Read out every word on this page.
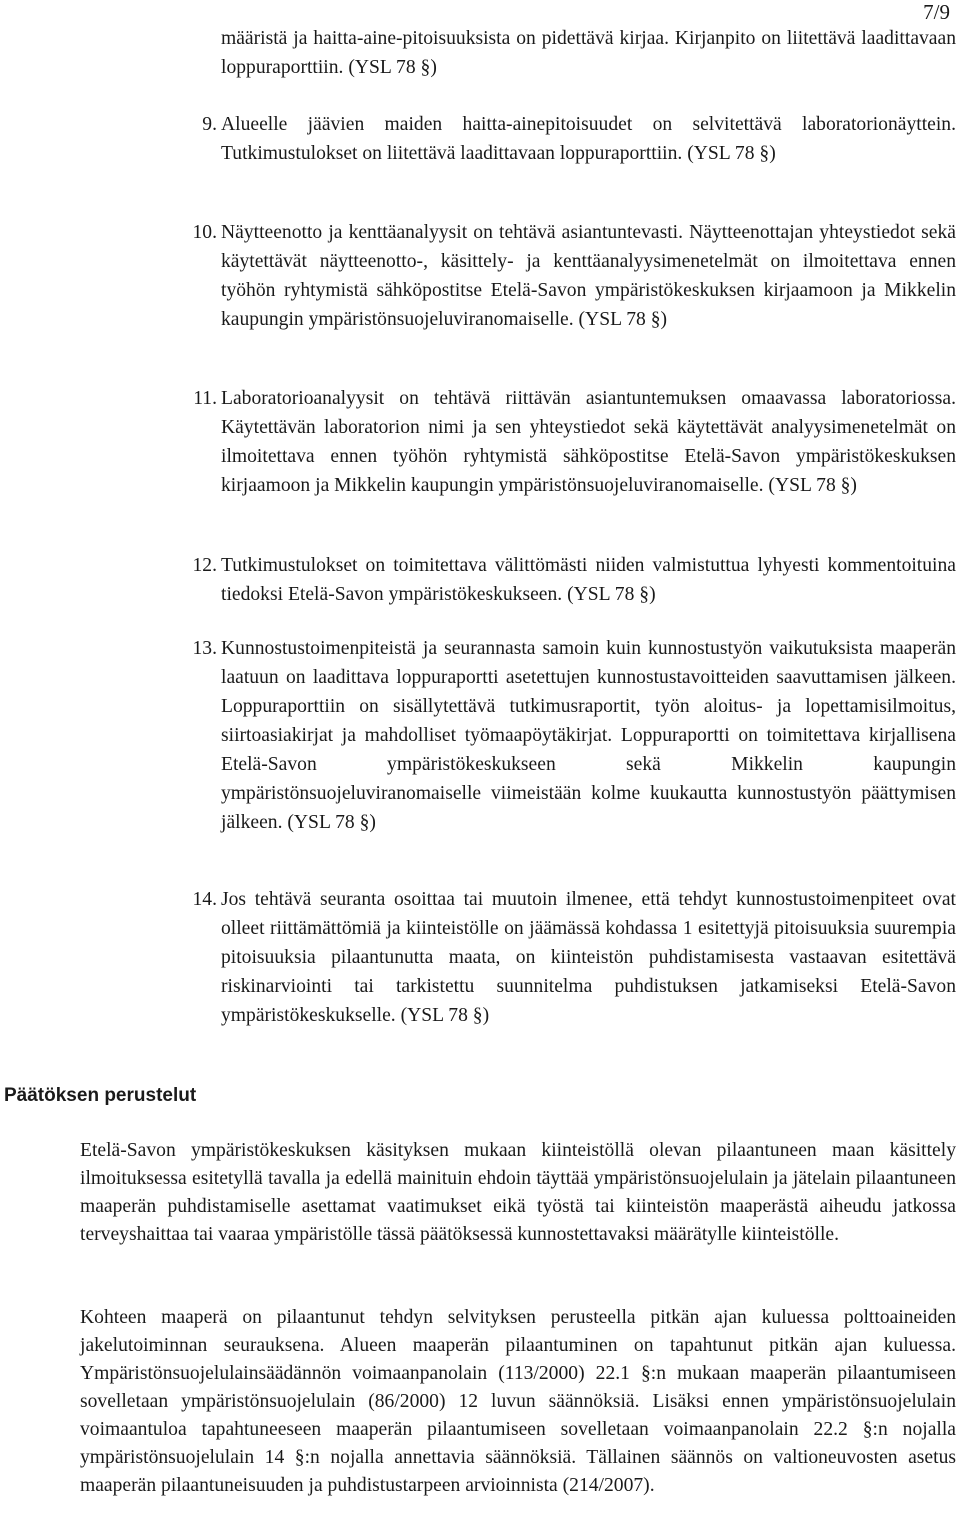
7/9
määristä ja haitta-aine-pitoisuuksista on pidettävä kirjaa. Kirjanpito on liitettävä laadittavaan loppuraporttiin. (YSL 78 §)
9. Alueelle jäävien maiden haitta-ainepitoisuudet on selvitettävä laboratorionäyttein. Tutkimustulokset on liitettävä laadittavaan loppuraporttiin. (YSL 78 §)
10. Näytteenotto ja kenttäanalyysit on tehtävä asiantuntevasti. Näytteenottajan yhteystiedot sekä käytettävät näytteenotto-, käsittely- ja kenttäanalyysimenetelmät on ilmoitettava ennen työhön ryhtymistä sähköpostitse Etelä-Savon ympäristökeskuksen kirjaamoon ja Mikkelin kaupungin ympäristönsuojeluviranomaiselle. (YSL 78 §)
11. Laboratorioanalyysit on tehtävä riittävän asiantuntemuksen omaavassa laboratoriossa. Käytettävän laboratorion nimi ja sen yhteystiedot sekä käytettävät analyysimenetelmät on ilmoitettava ennen työhön ryhtymistä sähköpostitse Etelä-Savon ympäristökeskuksen kirjaamoon ja Mikkelin kaupungin ympäristönsuojeluviranomaiselle. (YSL 78 §)
12. Tutkimustulokset on toimitettava välittömästi niiden valmistuttua lyhyesti kommentoituina tiedoksi Etelä-Savon ympäristökeskukseen. (YSL 78 §)
13. Kunnostustoimenpiteistä ja seurannasta samoin kuin kunnostustyön vaikutuksista maaperän laatuun on laadittava loppuraportti asetettujen kunnostustavoitteiden saavuttamisen jälkeen. Loppuraporttiin on sisällytettävä tutkimusraportit, työn aloitus- ja lopettamisilmoitus, siirtoasiakirjat ja mahdolliset työmaapöytäkirjat. Loppuraportti on toimitettava kirjallisena Etelä-Savon ympäristökeskukseen sekä Mikkelin kaupungin ympäristönsuojeluviranomaiselle viimeistään kolme kuukautta kunnostustyön päättymisen jälkeen. (YSL 78 §)
14. Jos tehtävä seuranta osoittaa tai muutoin ilmenee, että tehdyt kunnostustoimenpiteet ovat olleet riittämättömiä ja kiinteistölle on jäämässä kohdassa 1 esitettyjä pitoisuuksia suurempia pitoisuuksia pilaantunutta maata, on kiinteistön puhdistamisesta vastaavan esitettävä riskinarviointi tai tarkistettu suunnitelma puhdistuksen jatkamiseksi Etelä-Savon ympäristökeskukselle. (YSL 78 §)
Päätöksen perustelut
Etelä-Savon ympäristökeskuksen käsityksen mukaan kiinteistöllä olevan pilaantuneen maan käsittely ilmoituksessa esitetyllä tavalla ja edellä mainituin ehdoin täyttää ympäristönsuojelulain ja jätelain pilaantuneen maaperän puhdistamiselle asettamat vaatimukset eikä työstä tai kiinteistön maaperästä aiheudu jatkossa terveyshaittaa tai vaaraa ympäristölle tässä päätöksessä kunnostettavaksi määrätylle kiinteistölle.
Kohteen maaperä on pilaantunut tehdyn selvityksen perusteella pitkän ajan kuluessa polttoaineiden jakelutoiminnan seurauksena. Alueen maaperän pilaantuminen on tapahtunut pitkän ajan kuluessa. Ympäristönsuojelulainsäädännön voimaanpanolain (113/2000) 22.1 §:n mukaan maaperän pilaantumiseen sovelletaan ympäristönsuojelulain (86/2000) 12 luvun säännöksiä. Lisäksi ennen ympäristönsuojelulain voimaantuloa tapahtuneeseen maaperän pilaantumiseen sovelletaan voimaanpanolain 22.2 §:n nojalla ympäristönsuojelulain 14 §:n nojalla annettavia säännöksiä. Tällainen säännös on valtioneuvosten asetus maaperän pilaantuneisuuden ja puhdistustarpeen arvioinnista (214/2007).
